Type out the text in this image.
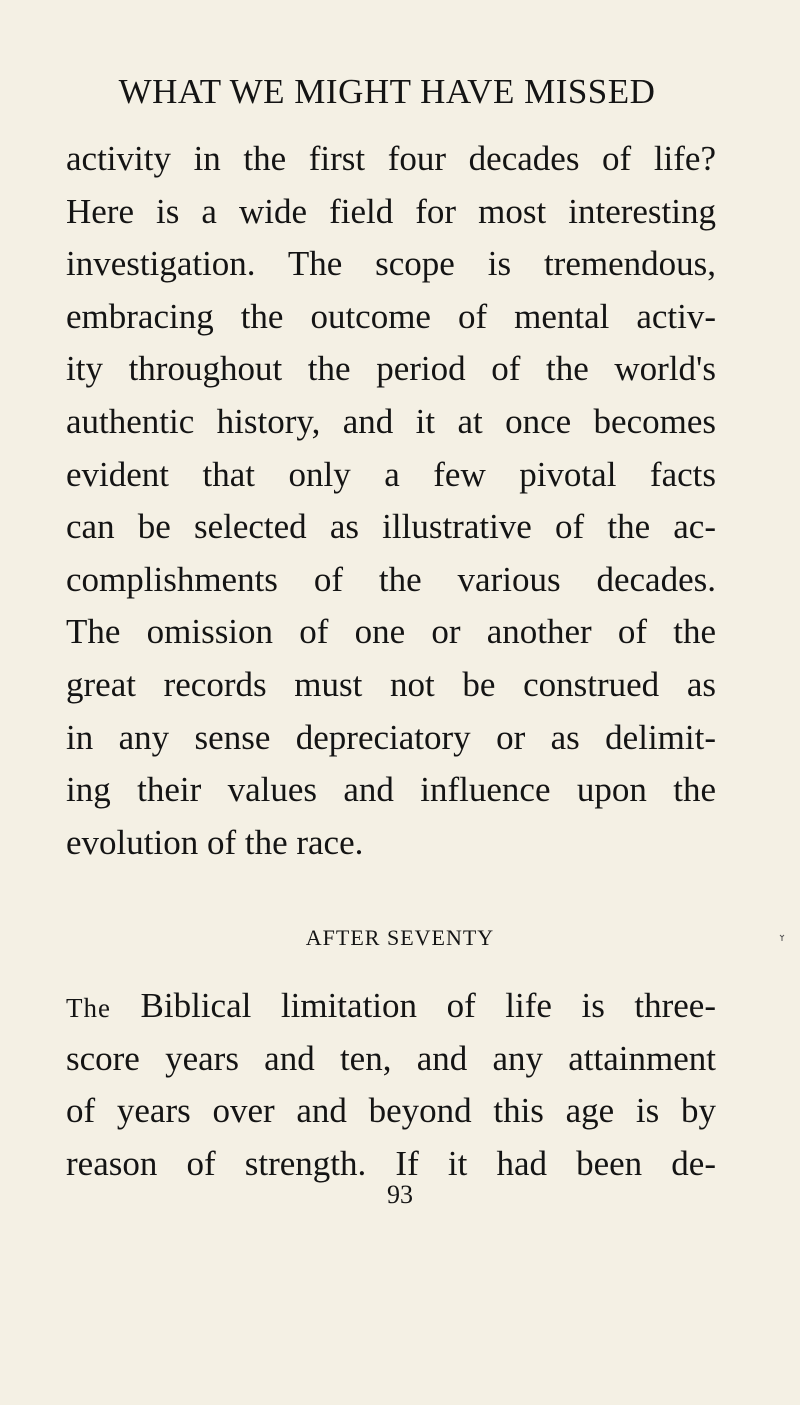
WHAT WE MIGHT HAVE MISSED
activity in the first four decades of life?
Here is a wide field for most interesting
investigation. The scope is tremendous,
embracing the outcome of mental activ-
ity throughout the period of the world's
authentic history, and it at once becomes
evident that only a few pivotal facts
can be selected as illustrative of the ac-
complishments of the various decades.
The omission of one or another of the
great records must not be construed as
in any sense depreciatory or as delimit-
ing their values and influence upon the
evolution of the race.
AFTER SEVENTY
The Biblical limitation of life is three-
score years and ten, and any attainment
of years over and beyond this age is by
reason of strength. If it had been de-
93
